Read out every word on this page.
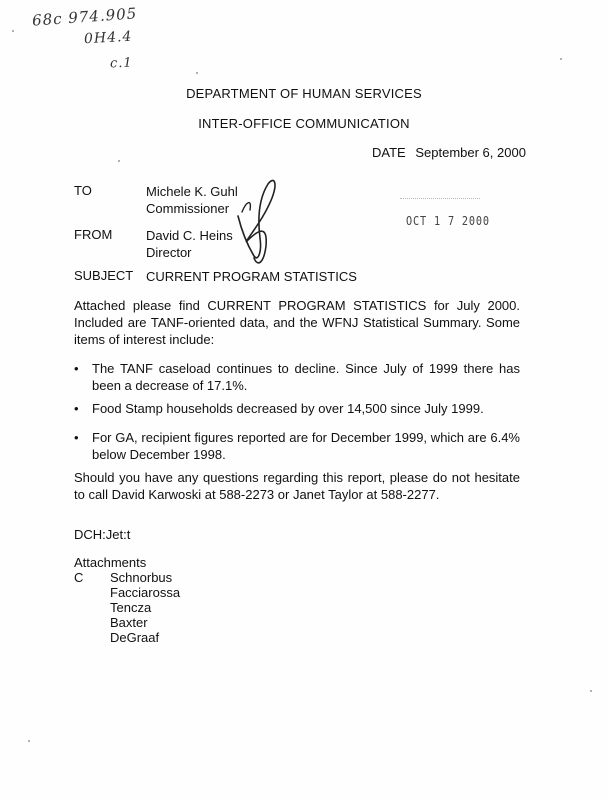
68c 974.905
0H4.4
c.1
DEPARTMENT OF HUMAN SERVICES
INTER-OFFICE COMMUNICATION
DATE September 6, 2000
TO	Michele K. Guhl
Commissioner
OCT 1 7 2000
FROM	David C. Heins
Director
SUBJECT CURRENT PROGRAM STATISTICS
Attached please find CURRENT PROGRAM STATISTICS for July 2000. Included are TANF-oriented data, and the WFNJ Statistical Summary. Some items of interest include:
• The TANF caseload continues to decline. Since July of 1999 there has been a decrease of 17.1%.
• Food Stamp households decreased by over 14,500 since July 1999.
• For GA, recipient figures reported are for December 1999, which are 6.4% below December 1998.
Should you have any questions regarding this report, please do not hesitate to call David Karwoski at 588-2273 or Janet Taylor at 588-2277.
DCH:Jet:t
Attachments
C Schnorbus
Facciarossa
Tencza
Baxter
DeGraaf
